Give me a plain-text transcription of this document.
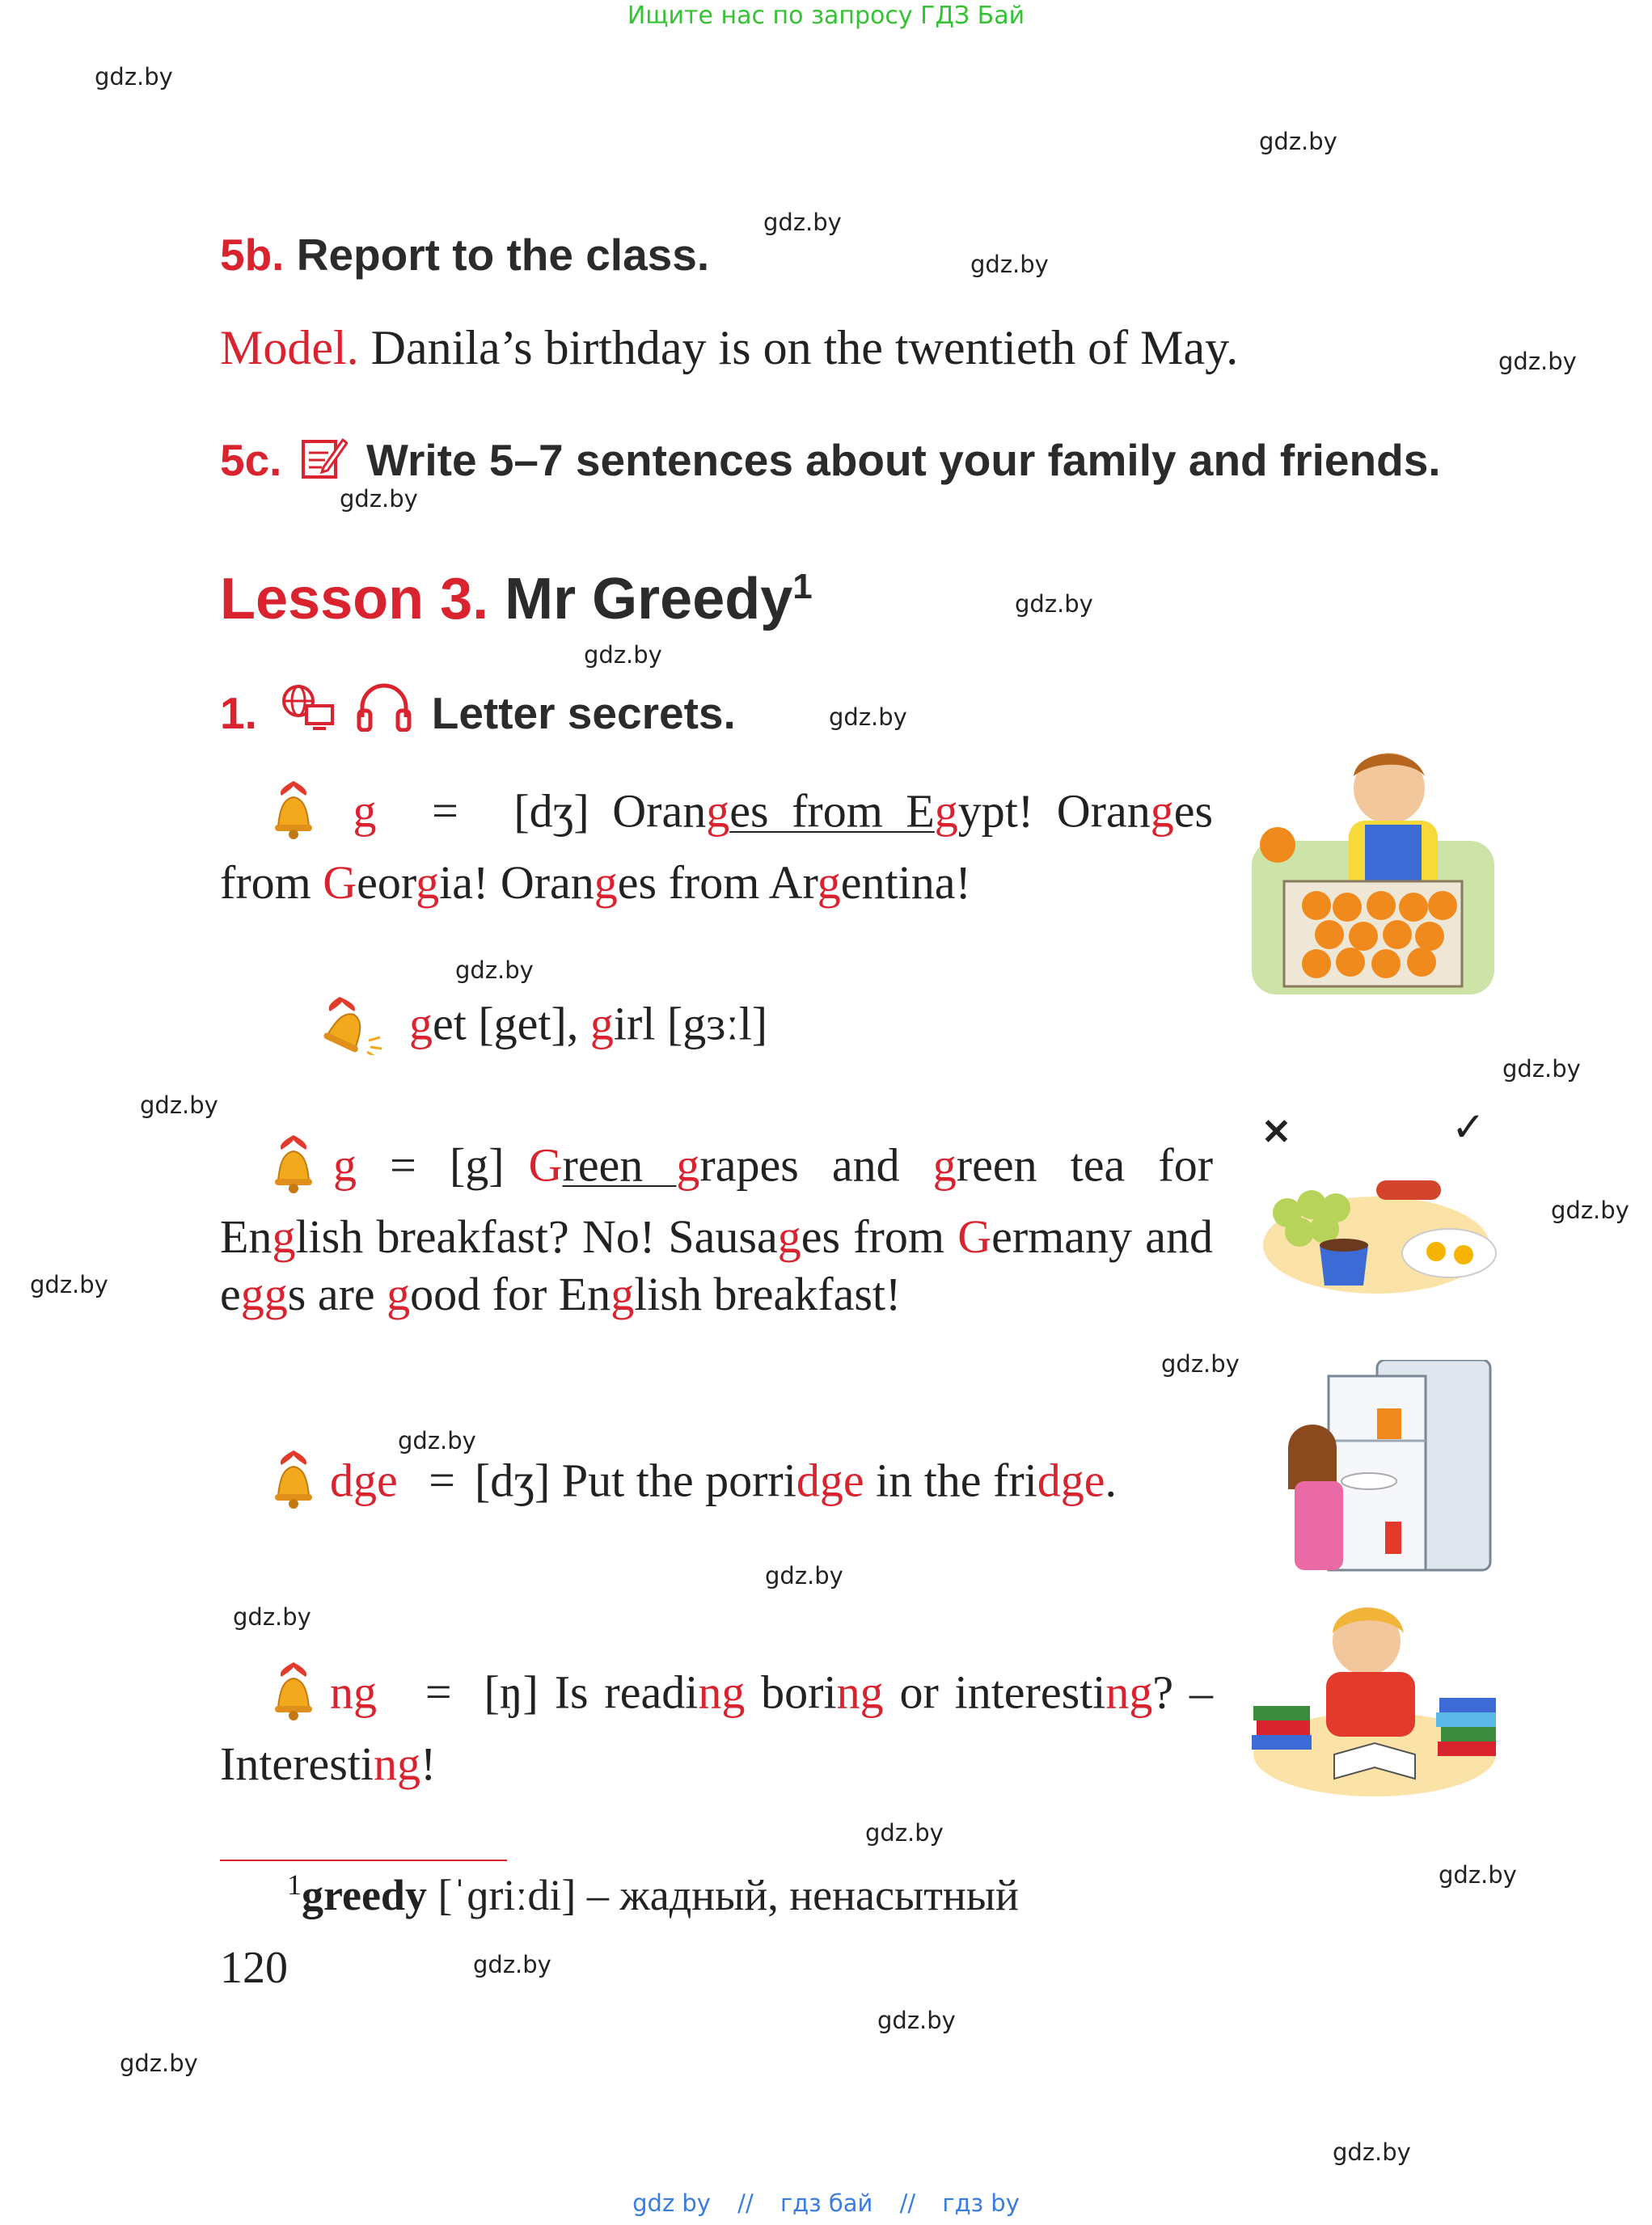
Ищите нас по запросу ГДЗ Бай
gdz.by
gdz.by
gdz.by
gdz.by
gdz.by
gdz.by
gdz.by
gdz.by
gdz.by
gdz.by
gdz.by
gdz.by
gdz.by
gdz.by
gdz.by
gdz.by
gdz.by
gdz.by
gdz.by
gdz.by
gdz.by
gdz.by
gdz.by
gdz.by
5b. Report to the class.
Model. Danila’s birthday is on the twentieth of May.
5c. Write 5–7 sentences about your family and friends.
Lesson 3. Mr Greedy$^1$
1.	Letter secrets.
g = [dʒ] Oranges from Egypt! Oranges from Georgia! Oranges from Argentina!
get [get], girl [gɜːl]
g = [g] Green grapes and green tea for English breakfast? No! Sausages from Germany and eggs are good for English breakfast!
dge = [dʒ] Put the porridge in the fridge.
ng = [ŋ] Is reading boring or interesting? – Interesting!
✕	✓
$^1$greedy [ˈɡriːdi] – жадный, ненасытный
120
gdz by // гдз бай // гдз by
